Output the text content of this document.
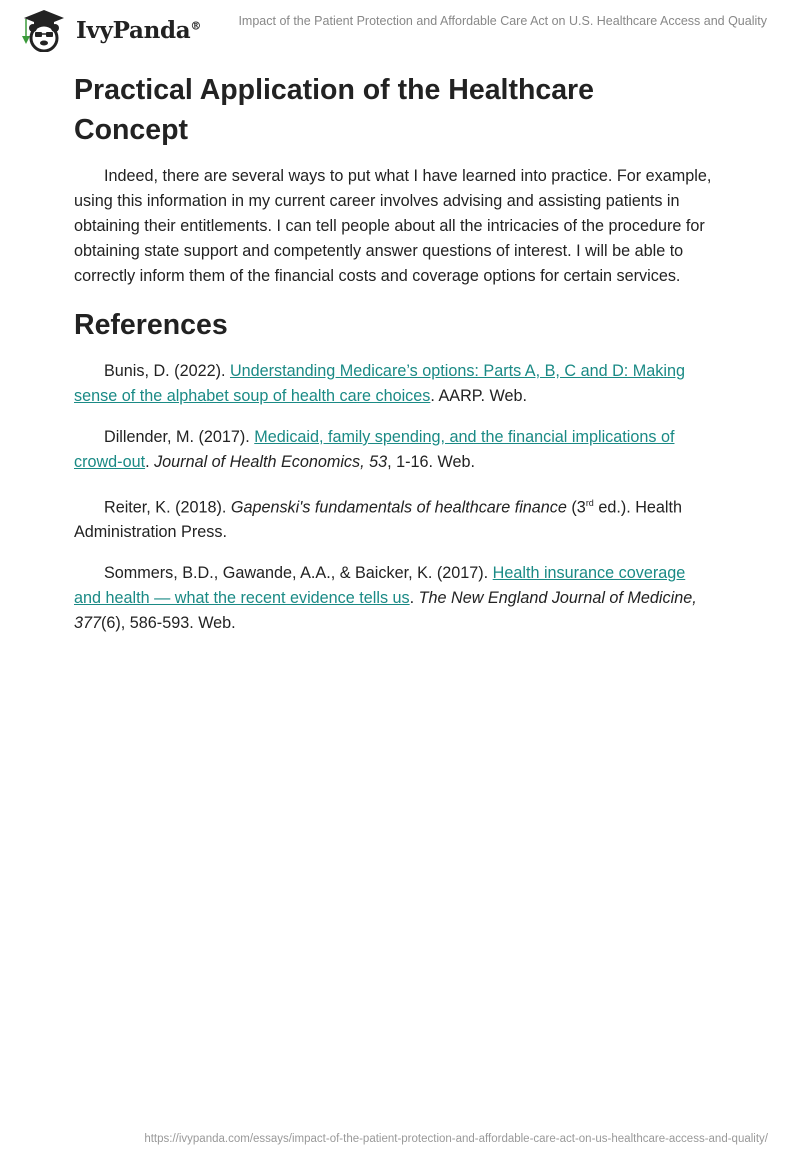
IvyPanda®	Impact of the Patient Protection and Affordable Care Act on U.S. Healthcare Access and Quality
Practical Application of the Healthcare Concept

Indeed, there are several ways to put what I have learned into practice. For example, using this information in my current career involves advising and assisting patients in obtaining their entitlements. I can tell people about all the intricacies of the procedure for obtaining state support and competently answer questions of interest. I will be able to correctly inform them of the financial costs and coverage options for certain services.

References

Bunis, D. (2022). Understanding Medicare’s options: Parts A, B, C and D: Making sense of the alphabet soup of health care choices. AARP. Web.

Dillender, M. (2017). Medicaid, family spending, and the financial implications of crowd-out. Journal of Health Economics, 53, 1-16. Web.

Reiter, K. (2018). Gapenski's fundamentals of healthcare finance (3rd ed.). Health Administration Press.

Sommers, B.D., Gawande, A.A., & Baicker, K. (2017). Health insurance coverage and health — what the recent evidence tells us. The New England Journal of Medicine, 377(6), 586-593. Web.

https://ivypanda.com/essays/impact-of-the-patient-protection-and-affordable-care-act-on-us-healthcare-access-and-quality/
